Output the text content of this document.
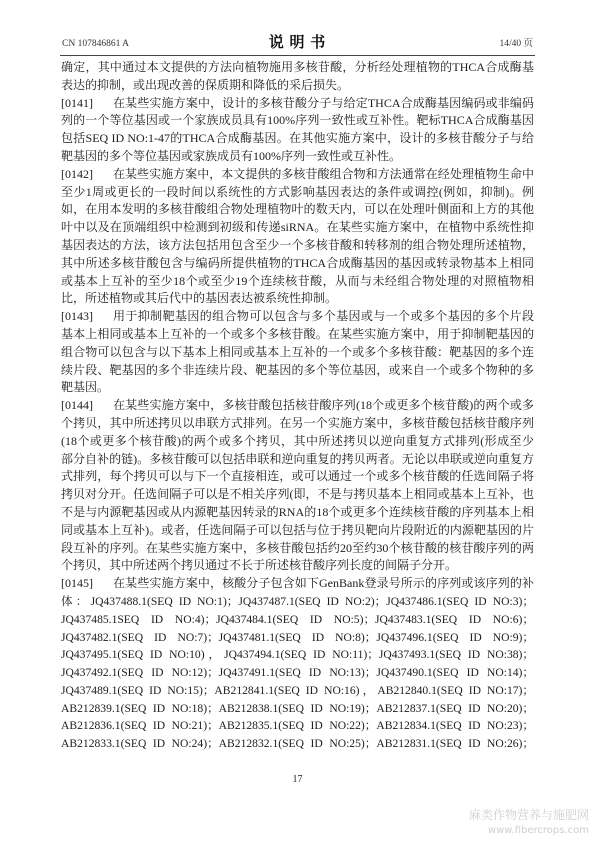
CN 107846861 A	说 明 书	14/40 页
确定，其中通过本文提供的方法向植物施用多核苷酸，分析经处理植物的THCA合成酶基
表达的抑制，或出现改善的保质期和降低的采后损失。
[0141]	在某些实施方案中，设计的多核苷酸分子与给定THCA合成酶基因编码或非编码
列的一个等位基因或一个家族成员具有100%序列一致性或互补性。靶标THCA合成酶基因
包括SEQ ID NO:1-47的THCA合成酶基因。在其他实施方案中，设计的多核苷酸分子与给
靶基因的多个等位基因或家族成员有100%序列一致性或互补性。
[0142]	在某些实施方案中，本文提供的多核苷酸组合物和方法通常在经处理植物生命中
至少1周或更长的一段时间以系统性的方式影响基因表达的条件或调控(例如，抑制)。例
如，在用本发明的多核苷酸组合物处理植物叶的数天内，可以在处理叶侧面和上方的其他
叶中以及在顶端组织中检测到初级和传递siRNA。在某些实施方案中，在植物中系统性抑
基因表达的方法，该方法包括用包含至少一个多核苷酸和转移剂的组合物处理所述植物，
其中所述多核苷酸包含与编码所提供植物的THCA合成酶基因的基因或转录物基本上相同
或基本上互补的至少18个或至少19个连续核苷酸，从而与未经组合物处理的对照植物相
比，所述植物或其后代中的基因表达被系统性抑制。
[0143]	用于抑制靶基因的组合物可以包含与多个基因或与一个或多个基因的多个片段
基本上相同或基本上互补的一个或多个多核苷酸。在某些实施方案中，用于抑制靶基因的
组合物可以包含与以下基本上相同或基本上互补的一个或多个多核苷酸：靶基因的多个连
续片段、靶基因的多个非连续片段、靶基因的多个等位基因，或来自一个或多个物种的多
靶基因。
[0144]	在某些实施方案中，多核苷酸包括核苷酸序列(18个或更多个核苷酸)的两个或多
个拷贝，其中所述拷贝以串联方式排列。在另一个实施方案中，多核苷酸包括核苷酸序列
(18个或更多个核苷酸)的两个或多个拷贝，其中所述拷贝以逆向重复方式排列(形成至少
部分自补的链)。多核苷酸可以包括串联和逆向重复的拷贝两者。无论以串联或逆向重复方
式排列，每个拷贝可以与下一个直接相连，或可以通过一个或多个核苷酸的任选间隔子将
拷贝对分开。任选间隔子可以是不相关序列(即，不是与拷贝基本上相同或基本上互补，也
不是与内源靶基因或从内源靶基因转录的RNA的18个或更多个连续核苷酸的序列基本上相
同或基本上互补)。或者，任选间隔子可以包括与位于拷贝靶向片段附近的内源靶基因的片
段互补的序列。在某些实施方案中，多核苷酸包括约20至约30个核苷酸的核苷酸序列的两
个拷贝，其中所述两个拷贝通过不长于所述核苷酸序列长度的间隔子分开。
[0145]	在某些实施方案中，核酸分子包含如下GenBank登录号所示的序列或该序列的补
体：JQ437488.1(SEQ ID NO:1)；JQ437487.1(SEQ ID NO:2)；JQ437486.1(SEQ ID NO:3)；
JQ437485.1SEQ ID NO:4)；JQ437484.1(SEQ ID NO:5)；JQ437483.1(SEQ ID NO:6)；
JQ437482.1(SEQ ID NO:7)；JQ437481.1(SEQ ID NO:8)；JQ437496.1(SEQ ID NO:9)；
JQ437495.1(SEQ ID NO:10)，JQ437494.1(SEQ ID NO:11)；JQ437493.1(SEQ ID NO:38)；
JQ437492.1(SEQ ID NO:12)；JQ437491.1(SEQ ID NO:13)；JQ437490.1(SEQ ID NO:14)；
JQ437489.1(SEQ ID NO:15)；AB212841.1(SEQ ID NO:16)，AB212840.1(SEQ ID NO:17)；
AB212839.1(SEQ ID NO:18)；AB212838.1(SEQ ID NO:19)；AB212837.1(SEQ ID NO:20)；
AB212836.1(SEQ ID NO:21)；AB212835.1(SEQ ID NO:22)；AB212834.1(SEQ ID NO:23)；
AB212833.1(SEQ ID NO:24)；AB212832.1(SEQ ID NO:25)；AB212831.1(SEQ ID NO:26)；
17
麻类作物营养与施肥网
www.fibercrops.com
